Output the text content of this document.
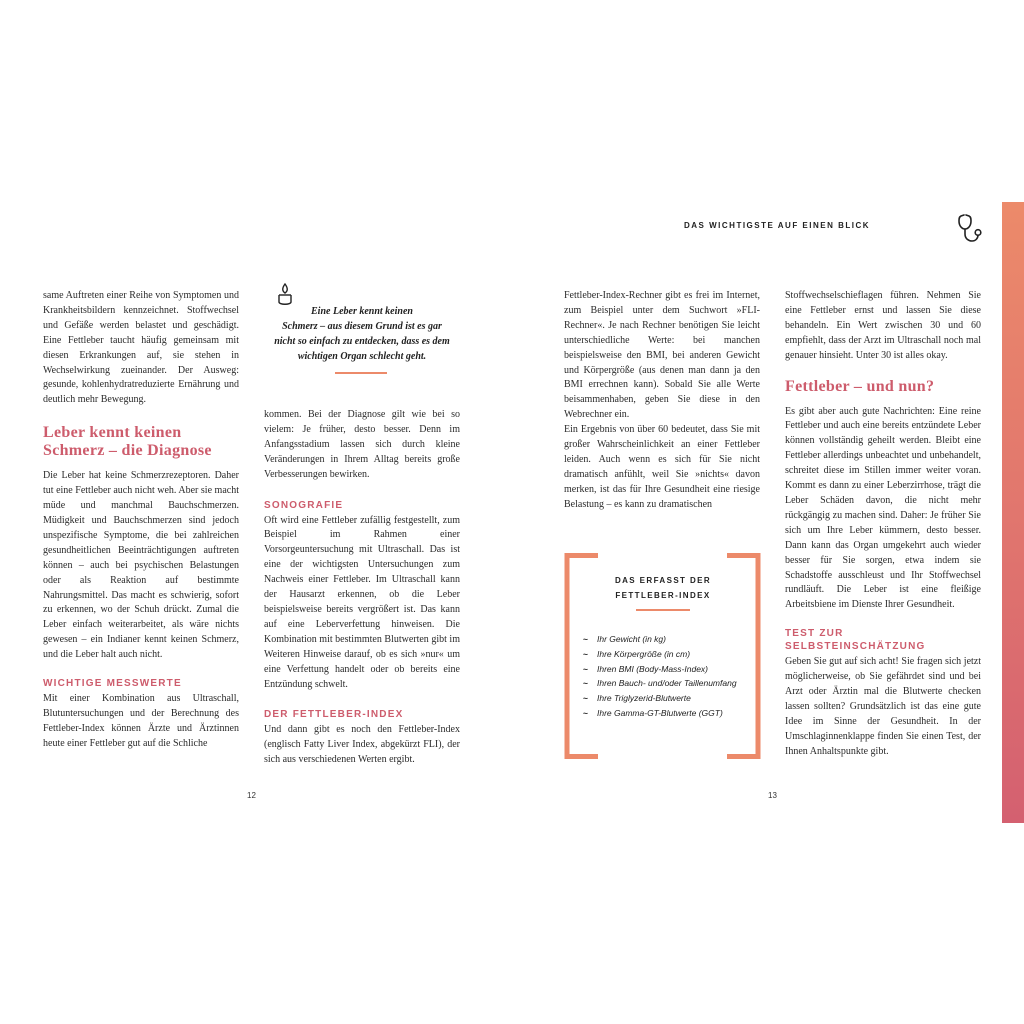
DAS WICHTIGSTE AUF EINEN BLICK

same Auftreten einer Reihe von Symptomen und Krankheitsbildern kennzeichnet. Stoffwechsel und Gefäße werden belastet und geschädigt. Eine Fettleber taucht häufig gemeinsam mit diesen Erkrankungen auf, sie stehen in Wechselwirkung zueinander. Der Ausweg: gesunde, kohlenhydratreduzierte Ernährung und deutlich mehr Bewegung.

Leber kennt keinen
Schmerz – die Diagnose

Die Leber hat keine Schmerzrezeptoren. Daher tut eine Fettleber auch nicht weh. Aber sie macht müde und manchmal Bauchschmerzen. Müdigkeit und Bauchschmerzen sind jedoch unspezifische Symptome, die bei zahlreichen gesundheitlichen Beeinträchtigungen auftreten können – auch bei psychischen Belastungen oder als Reaktion auf bestimmte Nahrungsmittel. Das macht es schwierig, sofort zu erkennen, wo der Schuh drückt. Zumal die Leber einfach weiterarbeitet, als wäre nichts gewesen – ein Indianer kennt keinen Schmerz, und die Leber halt auch nicht.

WICHTIGE MESSWERTE

Mit einer Kombination aus Ultraschall, Blutuntersuchungen und der Berechnung des Fettleber-Index können Ärzte und Ärztinnen heute einer Fettleber gut auf die Schliche

Eine Leber kennt keinen
Schmerz – aus diesem Grund ist es gar
nicht so einfach zu entdecken, dass es dem
wichtigen Organ schlecht geht.

kommen. Bei der Diagnose gilt wie bei so vielem: Je früher, desto besser. Denn im Anfangsstadium lassen sich durch kleine Veränderungen in Ihrem Alltag bereits große Verbesserungen bewirken.

SONOGRAFIE

Oft wird eine Fettleber zufällig festgestellt, zum Beispiel im Rahmen einer Vorsorgeuntersuchung mit Ultraschall. Das ist eine der wichtigsten Untersuchungen zum Nachweis einer Fettleber. Im Ultraschall kann der Hausarzt erkennen, ob die Leber beispielsweise bereits vergrößert ist. Das kann auf eine Leberverfettung hinweisen. Die Kombination mit bestimmten Blutwerten gibt im Weiteren Hinweise darauf, ob es sich »nur« um eine Verfettung handelt oder ob bereits eine Entzündung schwelt.

DER FETTLEBER-INDEX

Und dann gibt es noch den Fettleber-Index (englisch Fatty Liver Index, abgekürzt FLI), der sich aus verschiedenen Werten ergibt.

12	13

Fettleber-Index-Rechner gibt es frei im Internet, zum Beispiel unter dem Suchwort »FLI-Rechner«. Je nach Rechner benötigen Sie leicht unterschiedliche Werte: bei manchen beispielsweise den BMI, bei anderen Gewicht und Körpergröße (aus denen man dann ja den BMI errechnen kann). Sobald Sie alle Werte beisammenhaben, geben Sie diese in den Webrechner ein.

Ein Ergebnis von über 60 bedeutet, dass Sie mit großer Wahrscheinlichkeit an einer Fettleber leiden. Auch wenn es sich für Sie nicht dramatisch anfühlt, weil Sie »nichts« davon merken, ist das für Ihre Gesundheit eine riesige Belastung – es kann zu dramatischen

DAS ERFASST DER
FETTLEBER-INDEX
~ Ihr Gewicht (in kg)
~ Ihre Körpergröße (in cm)
~ Ihren BMI (Body-Mass-Index)
~ Ihren Bauch- und/oder Taillenumfang
~ Ihre Triglyzerid-Blutwerte
~ Ihre Gamma-GT-Blutwerte (GGT)

Stoffwechselschieflagen führen. Nehmen Sie eine Fettleber ernst und lassen Sie diese behandeln. Ein Wert zwischen 30 und 60 empfiehlt, dass der Arzt im Ultraschall noch mal genauer hinsieht. Unter 30 ist alles okay.

Fettleber – und nun?

Es gibt aber auch gute Nachrichten: Eine reine Fettleber und auch eine bereits entzündete Leber können vollständig geheilt werden. Bleibt eine Fettleber allerdings unbeachtet und unbehandelt, schreitet diese im Stillen immer weiter voran. Kommt es dann zu einer Leberzirrhose, trägt die Leber Schäden davon, die nicht mehr rückgängig zu machen sind. Daher: Je früher Sie sich um Ihre Leber kümmern, desto besser. Dann kann das Organ umgekehrt auch wieder besser für Sie sorgen, etwa indem sie Schadstoffe ausschleust und Ihr Stoffwechsel rundläuft. Die Leber ist eine fleißige Arbeitsbiene im Dienste Ihrer Gesundheit.

TEST ZUR SELBSTEINSCHÄTZUNG

Geben Sie gut auf sich acht! Sie fragen sich jetzt möglicherweise, ob Sie gefährdet sind und bei Arzt oder Ärztin mal die Blutwerte checken lassen sollten? Grundsätzlich ist das eine gute Idee im Sinne der Gesundheit. In der Umschlaginnenklappe finden Sie einen Test, der Ihnen Anhaltspunkte gibt.
